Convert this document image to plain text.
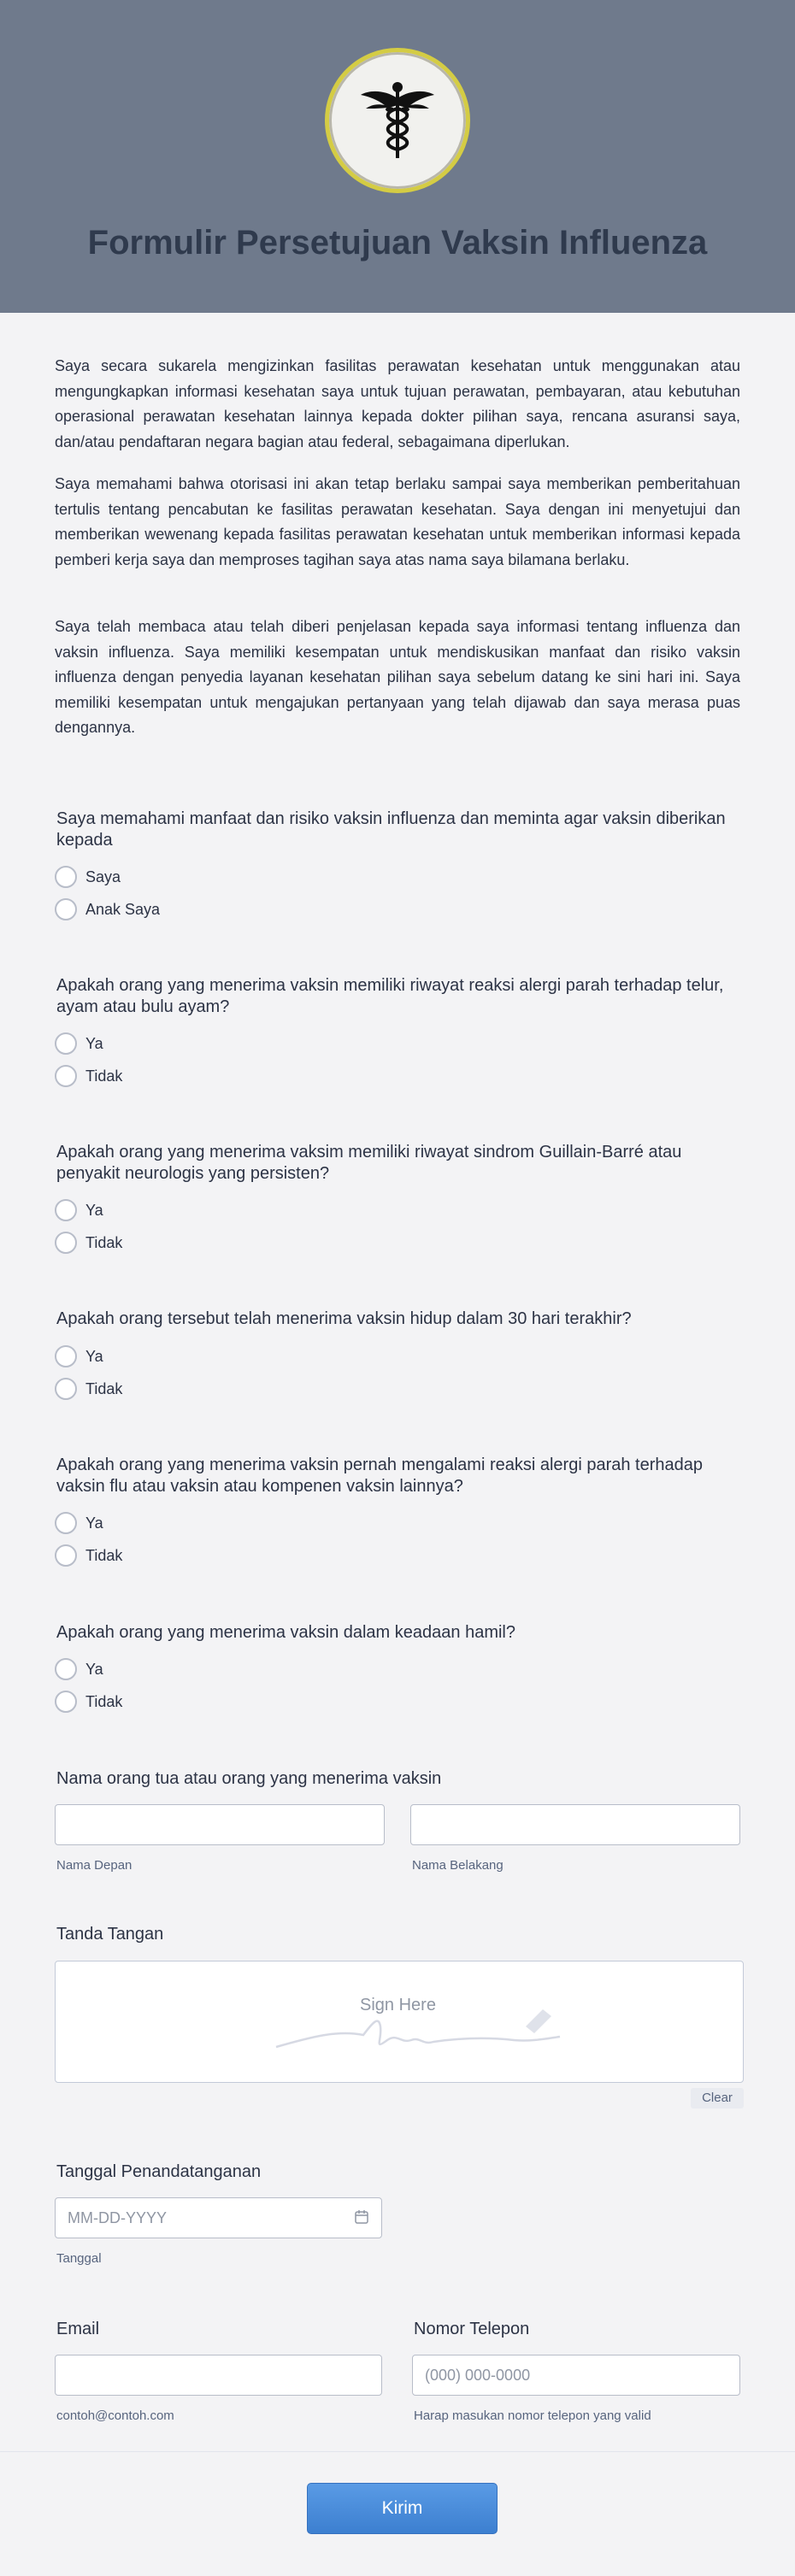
Formulir Persetujuan Vaksin Influenza

Saya secara sukarela mengizinkan fasilitas perawatan kesehatan untuk menggunakan atau mengungkapkan informasi kesehatan saya untuk tujuan perawatan, pembayaran, atau kebutuhan operasional perawatan kesehatan lainnya kepada dokter pilihan saya, rencana asuransi saya, dan/atau pendaftaran negara bagian atau federal, sebagaimana diperlukan.

Saya memahami bahwa otorisasi ini akan tetap berlaku sampai saya memberikan pemberitahuan tertulis tentang pencabutan ke fasilitas perawatan kesehatan. Saya dengan ini menyetujui dan memberikan wewenang kepada fasilitas perawatan kesehatan untuk memberikan informasi kepada pemberi kerja saya dan memproses tagihan saya atas nama saya bilamana berlaku.

Saya telah membaca atau telah diberi penjelasan kepada saya informasi tentang influenza dan vaksin influenza. Saya memiliki kesempatan untuk mendiskusikan manfaat dan risiko vaksin influenza dengan penyedia layanan kesehatan pilihan saya sebelum datang ke sini hari ini. Saya memiliki kesempatan untuk mengajukan pertanyaan yang telah dijawab dan saya merasa puas dengannya.

Saya memahami manfaat dan risiko vaksin influenza dan meminta agar vaksin diberikan kepada
Saya
Anak Saya
Apakah orang yang menerima vaksin memiliki riwayat reaksi alergi parah terhadap telur, ayam atau bulu ayam?
Ya
Tidak
Apakah orang yang menerima vaksim memiliki riwayat sindrom Guillain-Barré atau penyakit neurologis yang persisten?
Ya
Tidak
Apakah orang tersebut telah menerima vaksin hidup dalam 30 hari terakhir?
Ya
Tidak
Apakah orang yang menerima vaksin pernah mengalami reaksi alergi parah terhadap vaksin flu atau vaksin atau kompenen vaksin lainnya?
Ya
Tidak
Apakah orang yang menerima vaksin dalam keadaan hamil?
Ya
Tidak
Nama orang tua atau orang yang menerima vaksin
Nama Depan	Nama Belakang
Tanda Tangan
Sign Here
Clear
Tanggal Penandatanganan
MM-DD-YYYY
Tanggal
Email
contoh@contoh.com
Nomor Telepon
(000) 000-0000
Harap masukan nomor telepon yang valid
Kirim
